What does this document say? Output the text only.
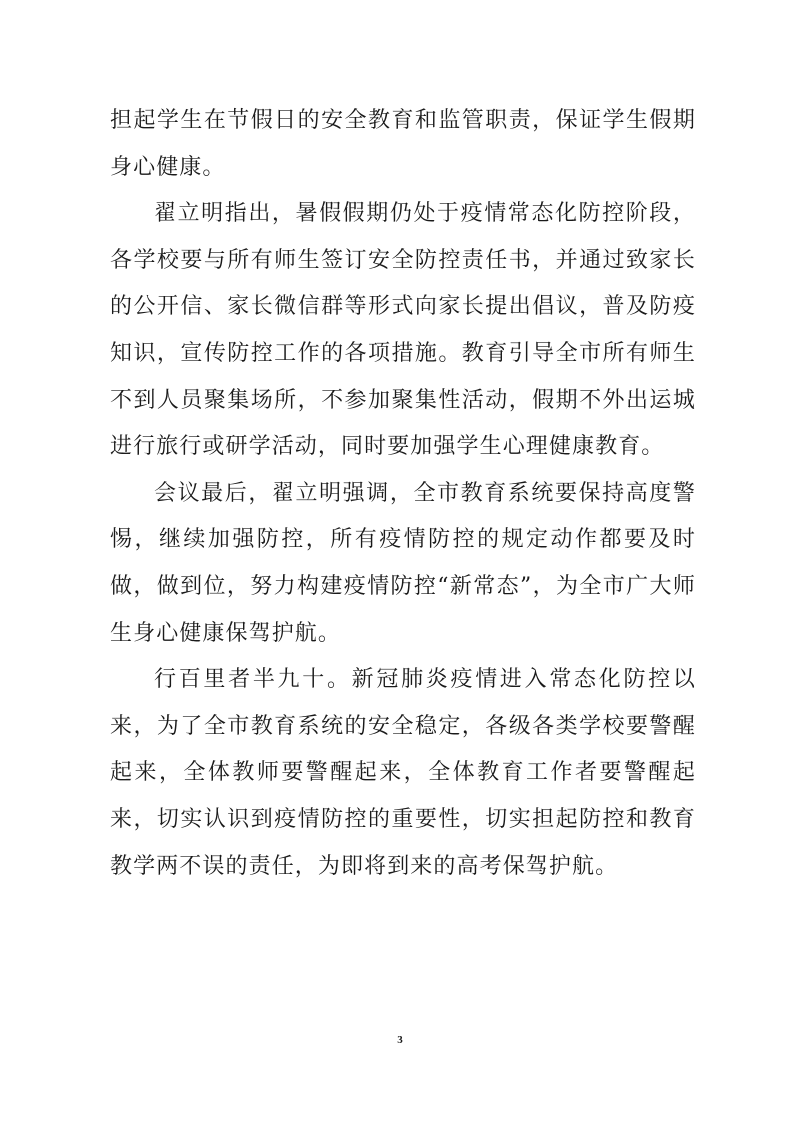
担起学生在节假日的安全教育和监管职责，保证学生假期身心健康。

翟立明指出，暑假假期仍处于疫情常态化防控阶段，各学校要与所有师生签订安全防控责任书，并通过致家长的公开信、家长微信群等形式向家长提出倡议，普及防疫知识，宣传防控工作的各项措施。教育引导全市所有师生不到人员聚集场所，不参加聚集性活动，假期不外出运城进行旅行或研学活动，同时要加强学生心理健康教育。

会议最后，翟立明强调，全市教育系统要保持高度警惕，继续加强防控，所有疫情防控的规定动作都要及时做，做到位，努力构建疫情防控“新常态”，为全市广大师生身心健康保驾护航。

行百里者半九十。新冠肺炎疫情进入常态化防控以来，为了全市教育系统的安全稳定，各级各类学校要警醒起来，全体教师要警醒起来，全体教育工作者要警醒起来，切实认识到疫情防控的重要性，切实担起防控和教育教学两不误的责任，为即将到来的高考保驾护航。

3
